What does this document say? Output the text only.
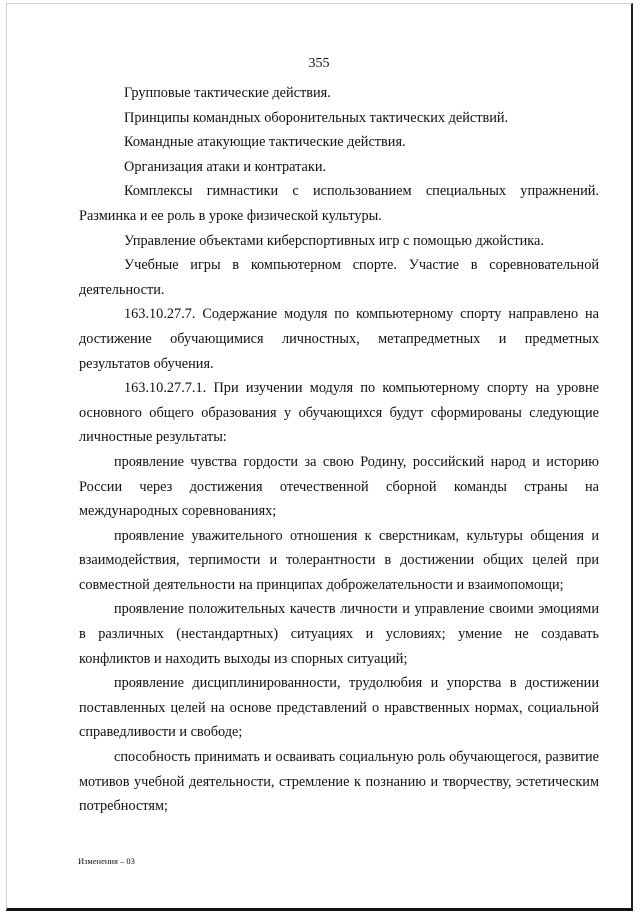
355

Групповые тактические действия.

Принципы командных оборонительных тактических действий.

Командные атакующие тактические действия.

Организация атаки и контратаки.

Комплексы гимнастики с использованием специальных упражнений. Разминка и ее роль в уроке физической культуры.

Управление объектами киберспортивных игр с помощью джойстика.

Учебные игры в компьютерном спорте. Участие в соревновательной деятельности.

163.10.27.7. Содержание модуля по компьютерному спорту направлено на достижение обучающимися личностных, метапредметных и предметных результатов обучения.

163.10.27.7.1. При изучении модуля по компьютерному спорту на уровне основного общего образования у обучающихся будут сформированы следующие личностные результаты:

проявление чувства гордости за свою Родину, российский народ и историю России через достижения отечественной сборной команды страны на международных соревнованиях;

проявление уважительного отношения к сверстникам, культуры общения и взаимодействия, терпимости и толерантности в достижении общих целей при совместной деятельности на принципах доброжелательности и взаимопомощи;

проявление положительных качеств личности и управление своими эмоциями в различных (нестандартных) ситуациях и условиях; умение не создавать конфликтов и находить выходы из спорных ситуаций;

проявление дисциплинированности, трудолюбия и упорства в достижении поставленных целей на основе представлений о нравственных нормах, социальной справедливости и свободе;

способность принимать и осваивать социальную роль обучающегося, развитие мотивов учебной деятельности, стремление к познанию и творчеству, эстетическим потребностям;

Изменения – 03
